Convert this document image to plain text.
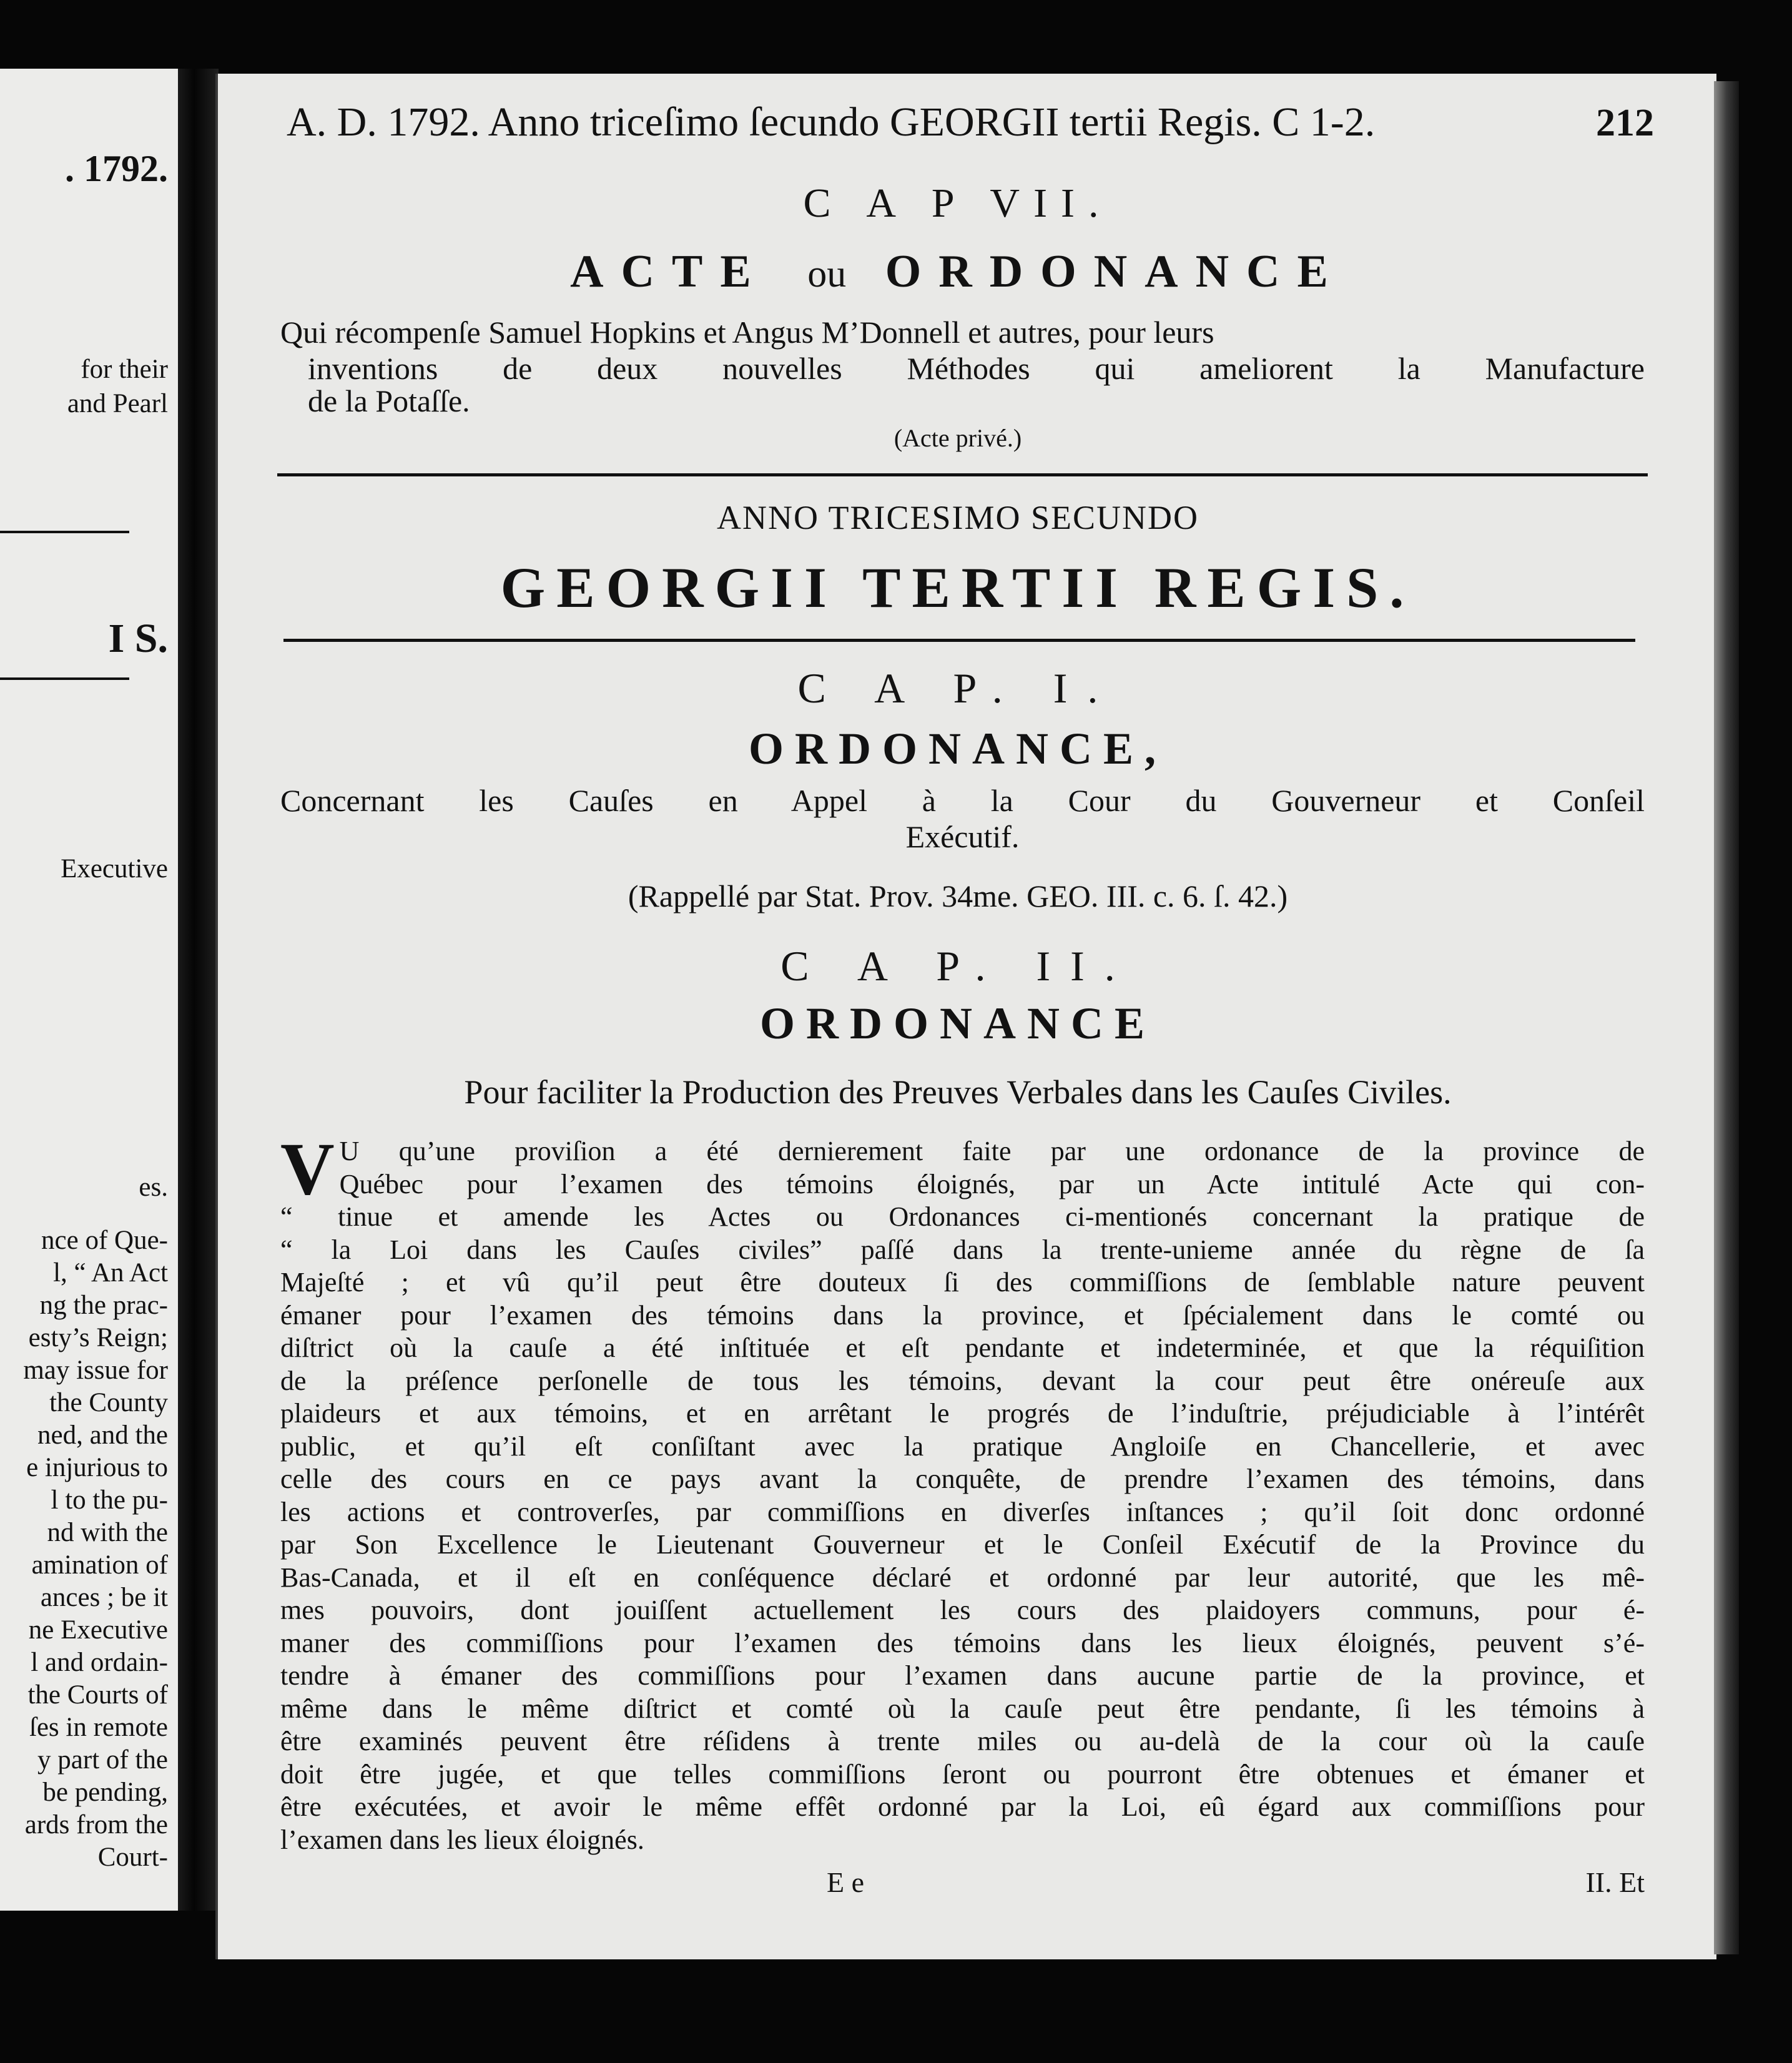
. 1792.
for their
and Pearl
I S.
Executive
es.
nce of Que-
l, “ An Act
ng the prac-
esty’s Reign;
may issue for
the County
ned, and the
e injurious to
l to the pu-
nd with the
amination of
ances ; be it
ne Executive
l and ordain-
the Courts of
ſes in remote
y part of the
be pending,
ards from the
Court-
A. D. 1792. Anno triceſimo ſecundo GEORGII tertii Regis. C 1-2.	212
C A P VII.
ACTE ou ORDONANCE
Qui récompenſe Samuel Hopkins et Angus M’Donnell et autres, pour leurs
inventions de deux nouvelles Méthodes qui ameliorent la Manufacture
de la Potaſſe.
(Acte privé.)
ANNO TRICESIMO SECUNDO
GEORGII TERTII REGIS.
C A P. I.
ORDONANCE,
Concernant les Cauſes en Appel à la Cour du Gouverneur et Conſeil
Exécutif.
(Rappellé par Stat. Prov. 34me. GEO. III. c. 6. ſ. 42.)
C A P. II.
ORDONANCE
Pour faciliter la Production des Preuves Verbales dans les Cauſes Civiles.
V U qu’une proviſion a été dernierement faite par une ordonance de la province de
Québec pour l’examen des témoins éloignés, par un Acte intitulé Acte qui con-
“ tinue et amende les Actes ou Ordonances ci-mentionés concernant la pratique de
“ la Loi dans les Cauſes civiles” paſſé dans la trente-unieme année du règne de ſa
Majeſté ; et vû qu’il peut être douteux ſi des commiſſions de ſemblable nature peuvent
émaner pour l’examen des témoins dans la province, et ſpécialement dans le comté ou
diſtrict où la cauſe a été inſtituée et eſt pendante et indeterminée, et que la réquiſition
de la préſence perſonelle de tous les témoins, devant la cour peut être onéreuſe aux
plaideurs et aux témoins, et en arrêtant le progrés de l’induſtrie, préjudiciable à l’intérêt
public, et qu’il eſt conſiſtant avec la pratique Angloiſe en Chancellerie, et avec
celle des cours en ce pays avant la conquête, de prendre l’examen des témoins, dans
les actions et controverſes, par commiſſions en diverſes inſtances ; qu’il ſoit donc ordonné
par Son Excellence le Lieutenant Gouverneur et le Conſeil Exécutif de la Province du
Bas-Canada, et il eſt en conſéquence déclaré et ordonné par leur autorité, que les mê-
mes pouvoirs, dont jouiſſent actuellement les cours des plaidoyers communs, pour é-
maner des commiſſions pour l’examen des témoins dans les lieux éloignés, peuvent s’é-
tendre à émaner des commiſſions pour l’examen dans aucune partie de la province, et
même dans le même diſtrict et comté où la cauſe peut être pendante, ſi les témoins à
être examinés peuvent être réſidens à trente miles ou au-delà de la cour où la cauſe
doit être jugée, et que telles commiſſions ſeront ou pourront être obtenues et émaner et
être exécutées, et avoir le même effêt ordonné par la Loi, eû égard aux commiſſions pour
l’examen dans les lieux éloignés.
E e	II. Et
